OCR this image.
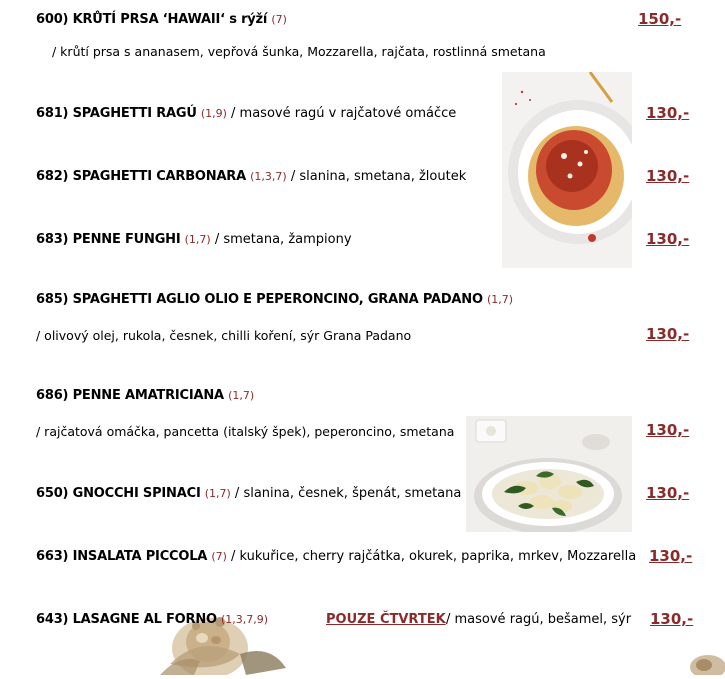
600) KRŮTÍ PRSA ‘HAWAII‘ s rýží (7)	150,-
/ krůtí prsa s ananasem, vepřová šunka, Mozzarella, rajčata, rostlinná smetana
681) SPAGHETTI RAGÚ (1,9) / masové ragú v rajčatové omáčce	130,-
682) SPAGHETTI CARBONARA (1,3,7) / slanina, smetana, žloutek	130,-
683) PENNE FUNGHI (1,7) / smetana, žampiony	130,-
685) SPAGHETTI AGLIO OLIO E PEPERONCINO, GRANA PADANO (1,7)
/ olivový olej, rukola, česnek, chilli koření, sýr Grana Padano	130,-
686) PENNE AMATRICIANA (1,7)
/ rajčatová omáčka, pancetta (italský špek), peperoncino, smetana	130,-
650) GNOCCHI SPINACI (1,7) / slanina, česnek, špenát, smetana	130,-
663) INSALATA PICCOLA (7) / kukuřice, cherry rajčátka, okurek, paprika, mrkev, Mozzarella 130,-
643) LASAGNE AL FORNO (1,3,7,9)	POUZE ČTVRTEK / masové ragú, bešamel, sýr 130,-
